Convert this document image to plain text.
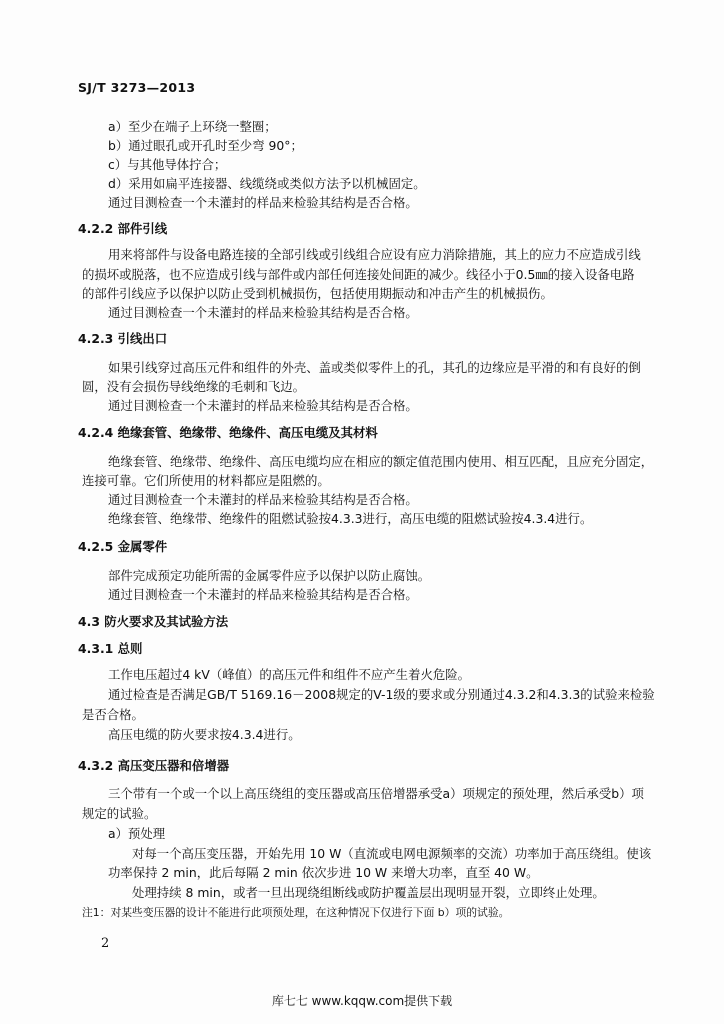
SJ/T 3273—2013
a）至少在端子上环绕一整圈；
b）通过眼孔或开孔时至少弯 90°；
c）与其他导体拧合；
d）采用如扁平连接器、线缆绕或类似方法予以机械固定。
通过目测检查一个未灌封的样品来检验其结构是否合格。
4.2.2 部件引线
用来将部件与设备电路连接的全部引线或引线组合应设有应力消除措施，其上的应力不应造成引线
的损坏或脱落，也不应造成引线与部件或内部任何连接处间距的减少。线径小于0.5㎜的接入设备电路
的部件引线应予以保护以防止受到机械损伤，包括使用期振动和冲击产生的机械损伤。
通过目测检查一个未灌封的样品来检验其结构是否合格。
4.2.3 引线出口
如果引线穿过高压元件和组件的外壳、盖或类似零件上的孔，其孔的边缘应是平滑的和有良好的倒
圆，没有会损伤导线绝缘的毛刺和飞边。
通过目测检查一个未灌封的样品来检验其结构是否合格。
4.2.4 绝缘套管、绝缘带、绝缘件、高压电缆及其材料
绝缘套管、绝缘带、绝缘件、高压电缆均应在相应的额定值范围内使用、相互匹配，且应充分固定，
连接可靠。它们所使用的材料都应是阻燃的。
通过目测检查一个未灌封的样品来检验其结构是否合格。
绝缘套管、绝缘带、绝缘件的阻燃试验按4.3.3进行，高压电缆的阻燃试验按4.3.4进行。
4.2.5 金属零件
部件完成预定功能所需的金属零件应予以保护以防止腐蚀。
通过目测检查一个未灌封的样品来检验其结构是否合格。
4.3 防火要求及其试验方法
4.3.1 总则
工作电压超过4 kV（峰值）的高压元件和组件不应产生着火危险。
通过检查是否满足GB/T 5169.16－2008规定的V-1级的要求或分别通过4.3.2和4.3.3的试验来检验
是否合格。
高压电缆的防火要求按4.3.4进行。
4.3.2 高压变压器和倍增器
三个带有一个或一个以上高压绕组的变压器或高压倍增器承受a）项规定的预处理，然后承受b）项
规定的试验。
a）预处理
对每一个高压变压器，开始先用 10 W（直流或电网电源频率的交流）功率加于高压绕组。使该
功率保持 2 min，此后每隔 2 min 依次步进 10 W 来增大功率，直至 40 W。
处理持续 8 min，或者一旦出现绕组断线或防护覆盖层出现明显开裂，立即终止处理。
注1：对某些变压器的设计不能进行此项预处理，在这种情况下仅进行下面 b）项的试验。
2
库七七 www.kqqw.com提供下载
